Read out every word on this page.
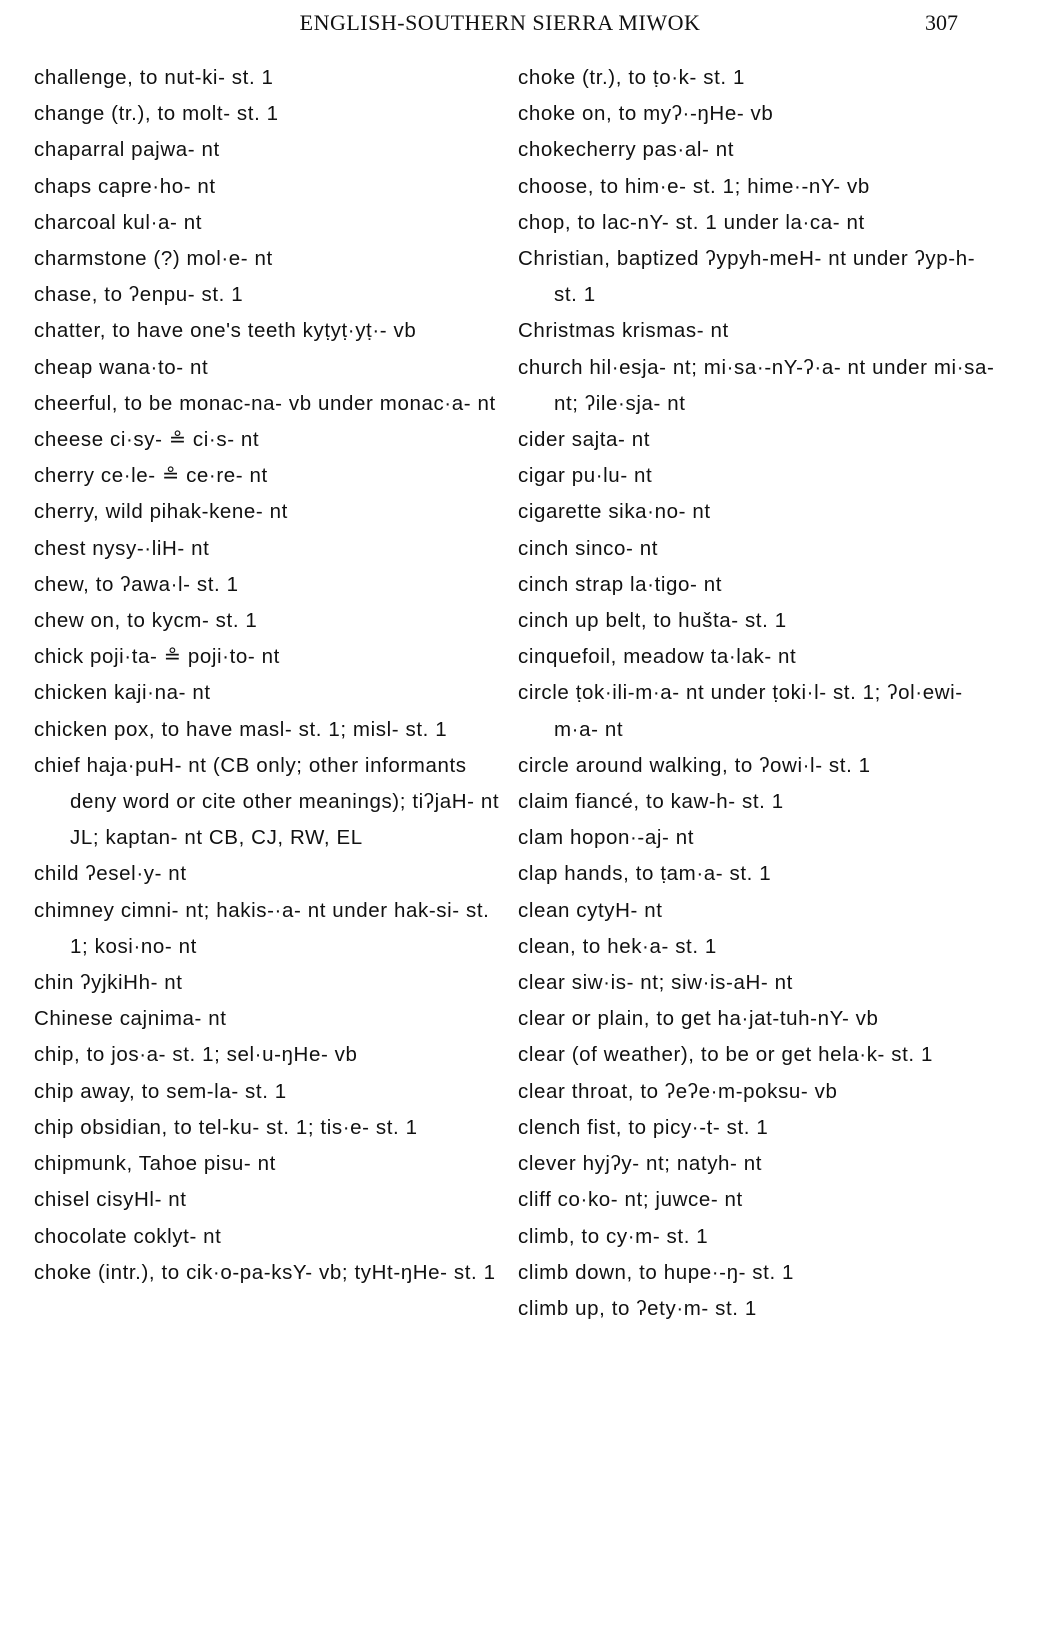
ENGLISH-SOUTHERN SIERRA MIWOK	307

challenge, to nut-ki- st. 1

change (tr.), to molt- st. 1

chaparral pajwa- nt

chaps capre·ho- nt

charcoal kul·a- nt

charmstone (?) mol·e- nt

chase, to ʔenpu- st. 1

chatter, to have one's teeth kyṭyṭ·yṭ·- vb

cheap wana·to- nt

cheerful, to be monac-na- vb under monac·a- nt

cheese ci·sy- ≗ ci·s- nt

cherry ce·le- ≗ ce·re- nt

cherry, wild pihak-kene- nt

chest nysy-·liH- nt

chew, to ʔawa·l- st. 1

chew on, to kycm- st. 1

chick poji·ta- ≗ poji·to- nt

chicken kaji·na- nt

chicken pox, to have masl- st. 1; misl- st. 1

chief haja·puH- nt (CB only; other informants deny word or cite other meanings); tiʔjaH- nt JL; kaptan- nt CB, CJ, RW, EL

child ʔesel·y- nt

chimney cimni- nt; hakis-·a- nt under hak-si- st. 1; kosi·no- nt

chin ʔyjkiHh- nt

Chinese cajnima- nt

chip, to jos·a- st. 1; sel·u-ŋHe- vb

chip away, to sem-la- st. 1

chip obsidian, to tel-ku- st. 1; tis·e- st. 1

chipmunk, Tahoe pisu- nt

chisel cisyHl- nt

chocolate coklyt- nt

choke (intr.), to cik·o-pa-ksY- vb; tyHt-ŋHe- st. 1

choke (tr.), to ṭo·k- st. 1

choke on, to myʔ·-ŋHe- vb

chokecherry pas·al- nt

choose, to him·e- st. 1; hime·-nY- vb

chop, to lac-nY- st. 1 under la·ca- nt

Christian, baptized ʔypyh-meH- nt under ʔyp-h- st. 1

Christmas krismas- nt

church hil·esja- nt; mi·sa·-nY-ʔ·a- nt under mi·sa- nt; ʔile·sja- nt

cider sajta- nt

cigar pu·lu- nt

cigarette sika·no- nt

cinch sinco- nt

cinch strap la·tigo- nt

cinch up belt, to hušta- st. 1

cinquefoil, meadow ta·lak- nt

circle ṭok·ili-m·a- nt under ṭoki·l- st. 1; ʔol·ewi-m·a- nt

circle around walking, to ʔowi·l- st. 1

claim fiancé, to kaw-h- st. 1

clam hopon·-aj- nt

clap hands, to ṭam·a- st. 1

clean cytyH- nt

clean, to hek·a- st. 1

clear siw·is- nt; siw·is-aH- nt

clear or plain, to get ha·jat-tuh-nY- vb

clear (of weather), to be or get hela·k- st. 1

clear throat, to ʔeʔe·m-poksu- vb

clench fist, to picy·-t- st. 1

clever hyjʔy- nt; natyh- nt

cliff co·ko- nt; juwce- nt

climb, to cy·m- st. 1

climb down, to hupe·-ŋ- st. 1

climb up, to ʔety·m- st. 1
